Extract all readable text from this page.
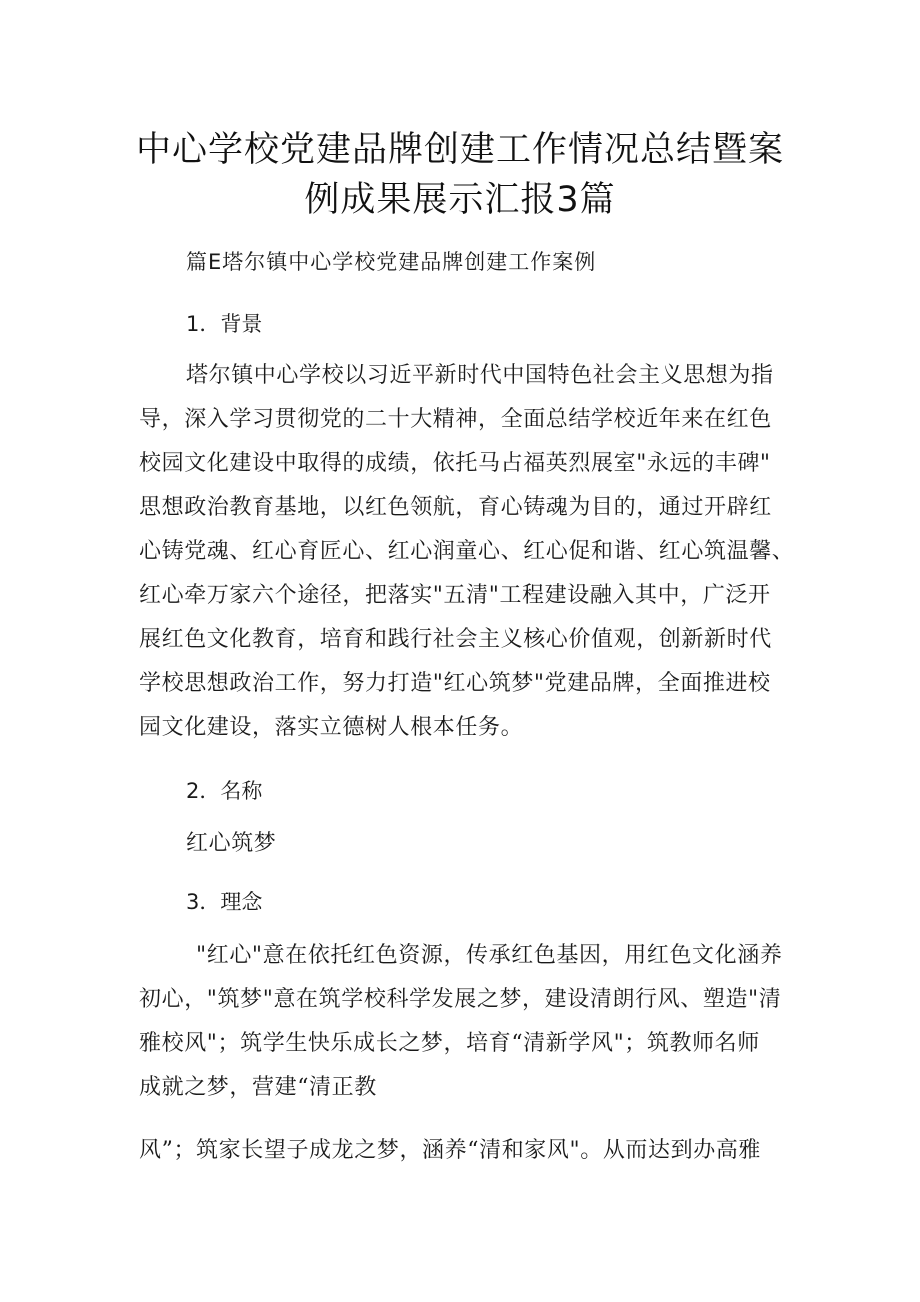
中心学校党建品牌创建工作情况总结暨案
例成果展示汇报3篇
篇E塔尔镇中心学校党建品牌创建工作案例
1．背景
塔尔镇中心学校以习近平新时代中国特色社会主义思想为指
导，深入学习贯彻党的二十大精神，全面总结学校近年来在红色
校园文化建设中取得的成绩，依托马占福英烈展室"永远的丰碑"
思想政治教育基地，以红色领航，育心铸魂为目的，通过开辟红
心铸党魂、红心育匠心、红心润童心、红心促和谐、红心筑温馨、
红心牵万家六个途径，把落实"五清"工程建设融入其中，广泛开
展红色文化教育，培育和践行社会主义核心价值观，创新新时代
学校思想政治工作，努力打造"红心筑梦"党建品牌，全面推进校
园文化建设，落实立德树人根本任务。
2．名称
红心筑梦
3．理念
"红心"意在依托红色资源，传承红色基因，用红色文化涵养
初心，"筑梦"意在筑学校科学发展之梦，建设清朗行风、塑造"清
雅校风"；筑学生快乐成长之梦，培育“清新学风"；筑教师名师
成就之梦，营建“清正教
风”；筑家长望子成龙之梦，涵养“清和家风"。从而达到办高雅
